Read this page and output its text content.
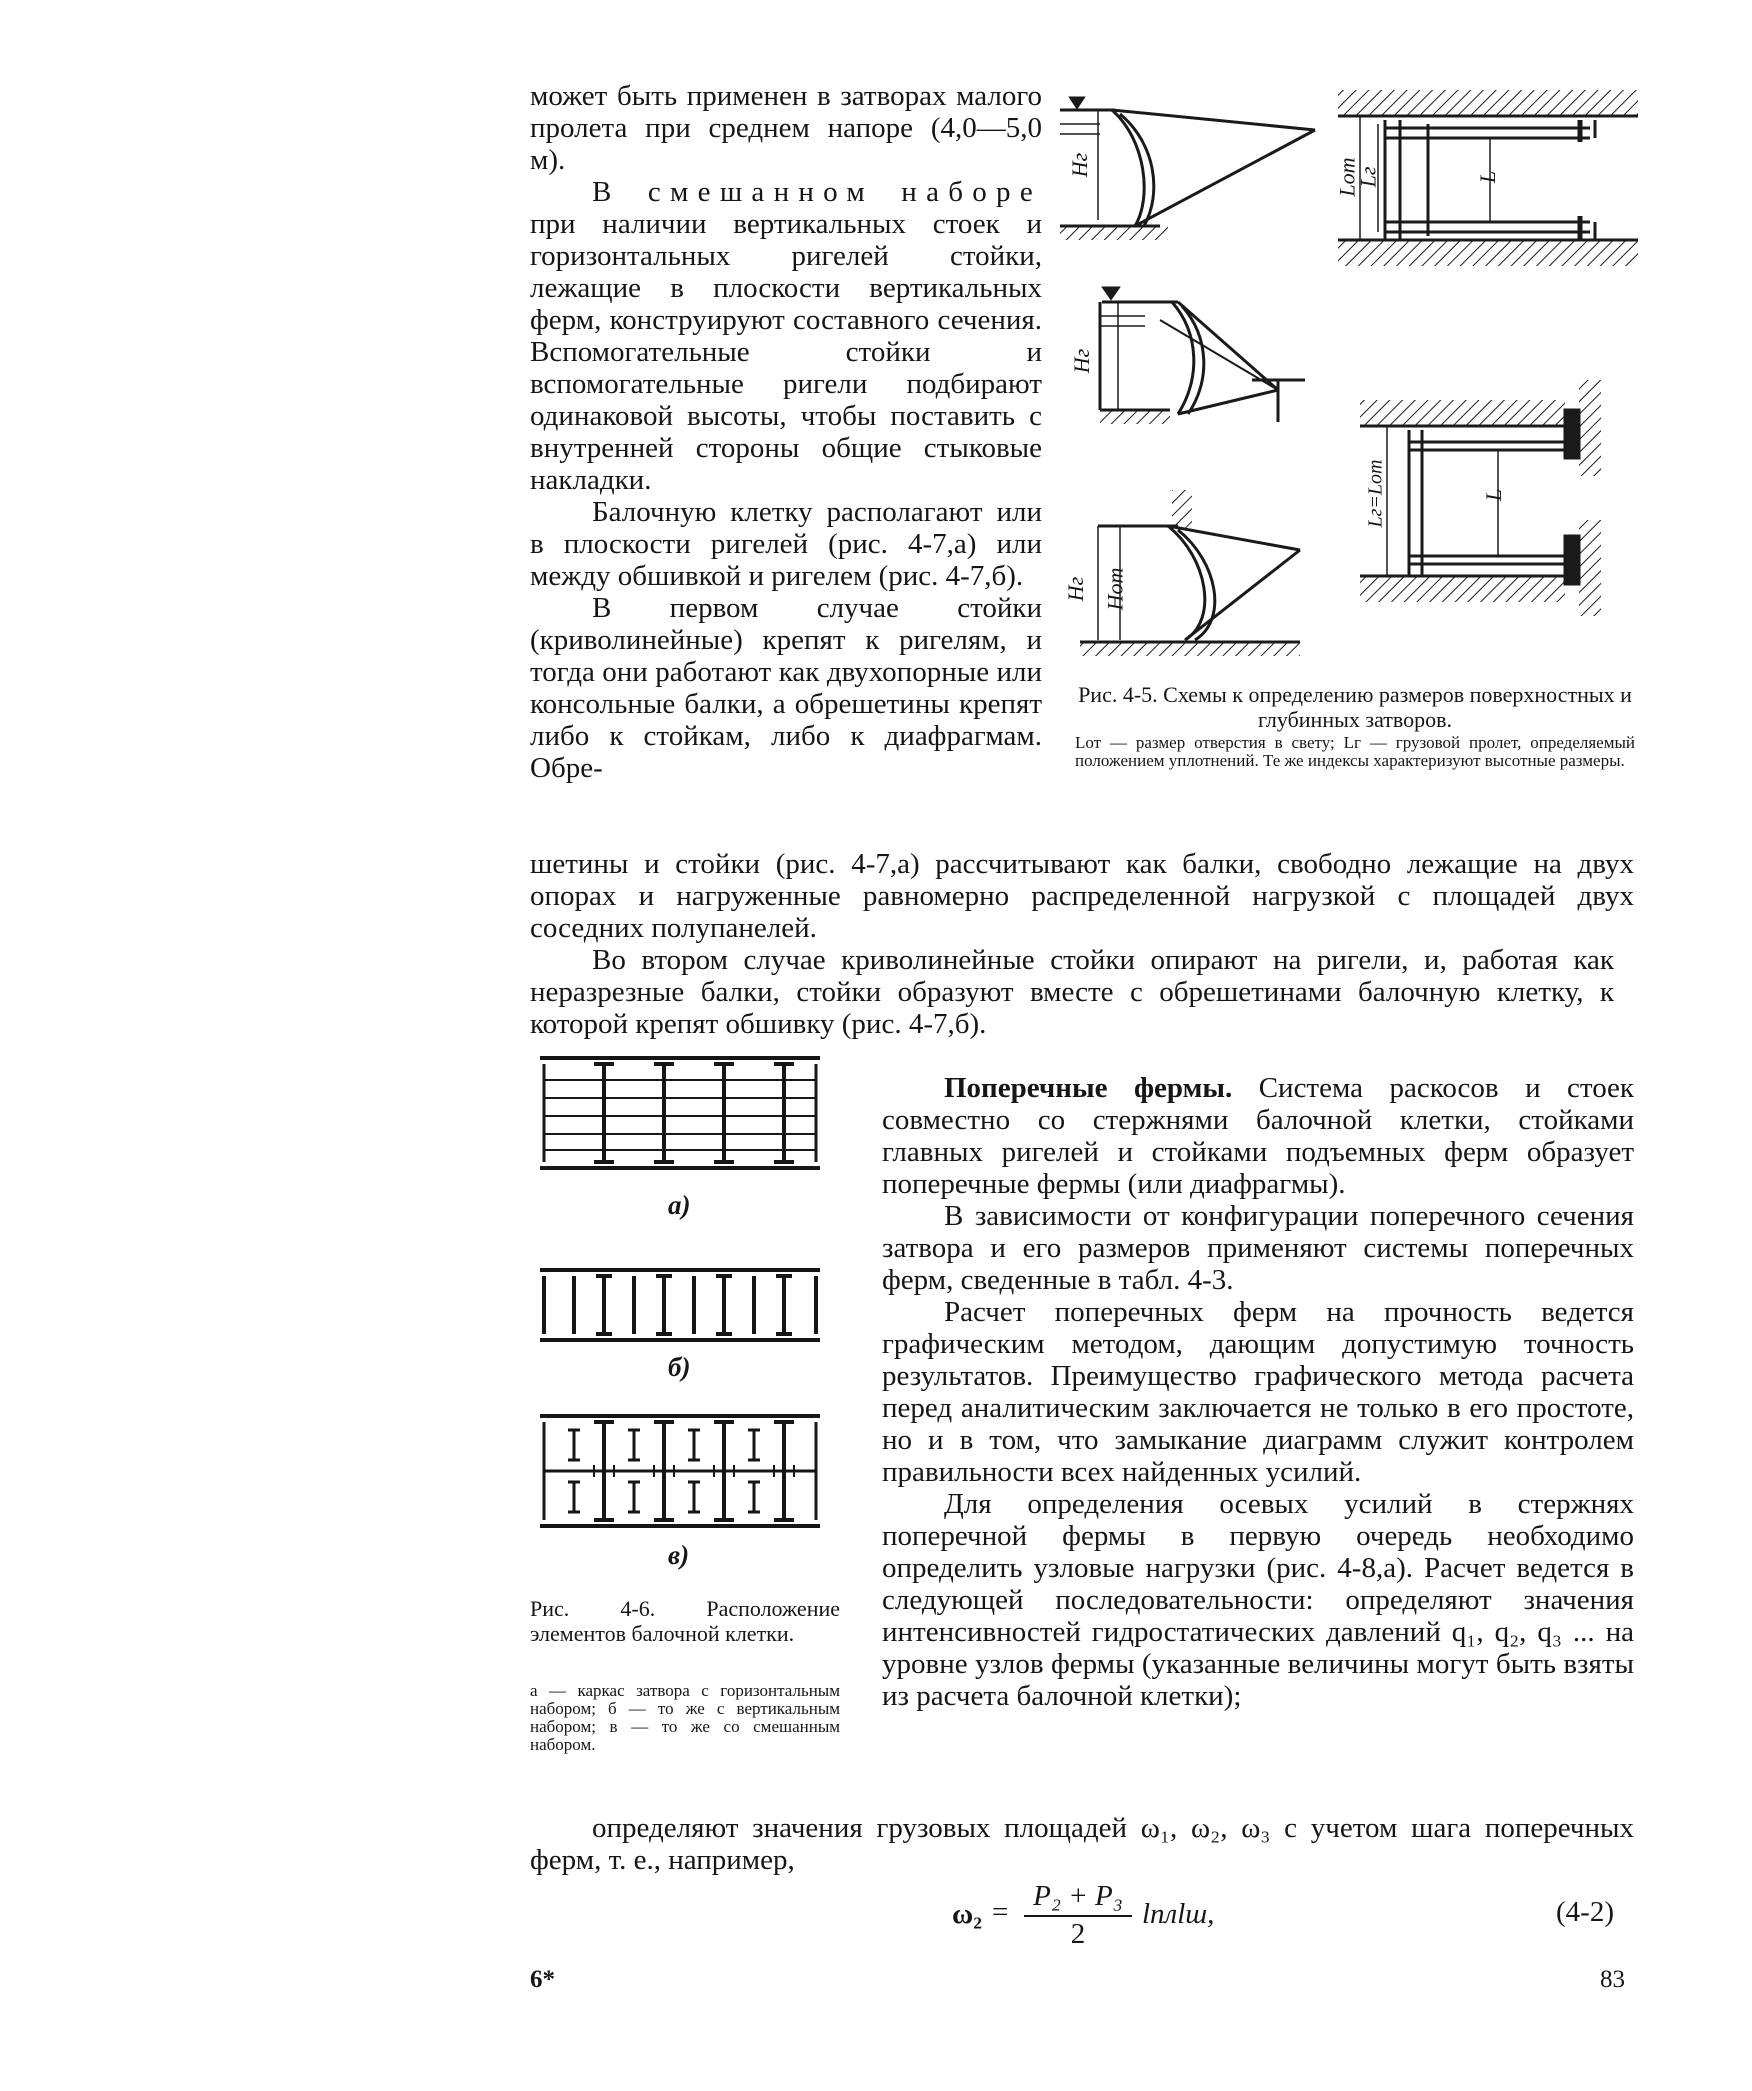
может быть применен в затворах малого пролета при среднем напоре (4,0—5,0 м).

В смешанном наборе при наличии вертикальных стоек и горизонтальных ригелей стойки, лежащие в плоскости вертикальных ферм, конструируют составного сечения. Вспомогательные стойки и вспомогательные ригели подбирают одинаковой высоты, чтобы поставить с внутренней стороны общие стыковые накладки.

Балочную клетку располагают или в плоскости ригелей (рис. 4-7,а) или между обшивкой и ригелем (рис. 4-7,б).

В первом случае стойки (криволинейные) крепят к ригелям, и тогда они работают как двухопорные или консольные балки, а обрешетины крепят либо к стойкам, либо к диафрагмам. Обре-

шетины и стойки (рис. 4-7,а) рассчитывают как балки, свободно лежащие на двух опорах и нагруженные равномерно распределенной нагрузкой с площадей двух соседних полупанелей.

Во втором случае криволинейные стойки опирают на ригели, и, работая как неразрезные балки, стойки образуют вместе с обрешетинами балочную клетку, к которой крепят обшивку (рис. 4-7,б).

Поперечные фермы. Система раскосов и стоек совместно со стержнями балочной клетки, стойками главных ригелей и стойками подъемных ферм образует поперечные фермы (или диафрагмы).

В зависимости от конфигурации поперечного сечения затвора и его размеров применяют системы поперечных ферм, сведенные в табл. 4-3.

Расчет поперечных ферм на прочность ведется графическим методом, дающим допустимую точность результатов. Преимущество графического метода расчета перед аналитическим заключается не только в его простоте, но и в том, что замыкание диаграмм служит контролем правильности всех найденных усилий.

Для определения осевых усилий в стержнях поперечной фермы в первую очередь необходимо определить узловые нагрузки (рис. 4-8,а). Расчет ведется в следующей последовательности: определяют значения интенсивностей гидростатических давлений q₁, q₂, q₃ ... на уровне узлов фермы (указанные величины могут быть взяты из расчета балочной клетки);

определяют значения грузовых площадей ω₁, ω₂, ω₃ с учетом шага поперечных ферм, т. е., например,

ω₂ = P₂ + P₃
2
lплlш,	(4-2)
Hг
Hг
Hг Hот
Lот
Lг	L
Lг=Lот	L
Рис. 4-5. Схемы к определению размеров поверхностных и глубинных затворов.
Lот — размер отверстия в свету; Lг — грузовой пролет, определяемый положением уплотнений. Те же индексы характеризуют высотные размеры.
а)
б)
в)
Рис. 4-6. Расположение элементов балочной клетки.
а — каркас затвора с горизонтальным набором; б — то же с вертикальным набором; в — то же со смешанным набором.
6*	83
